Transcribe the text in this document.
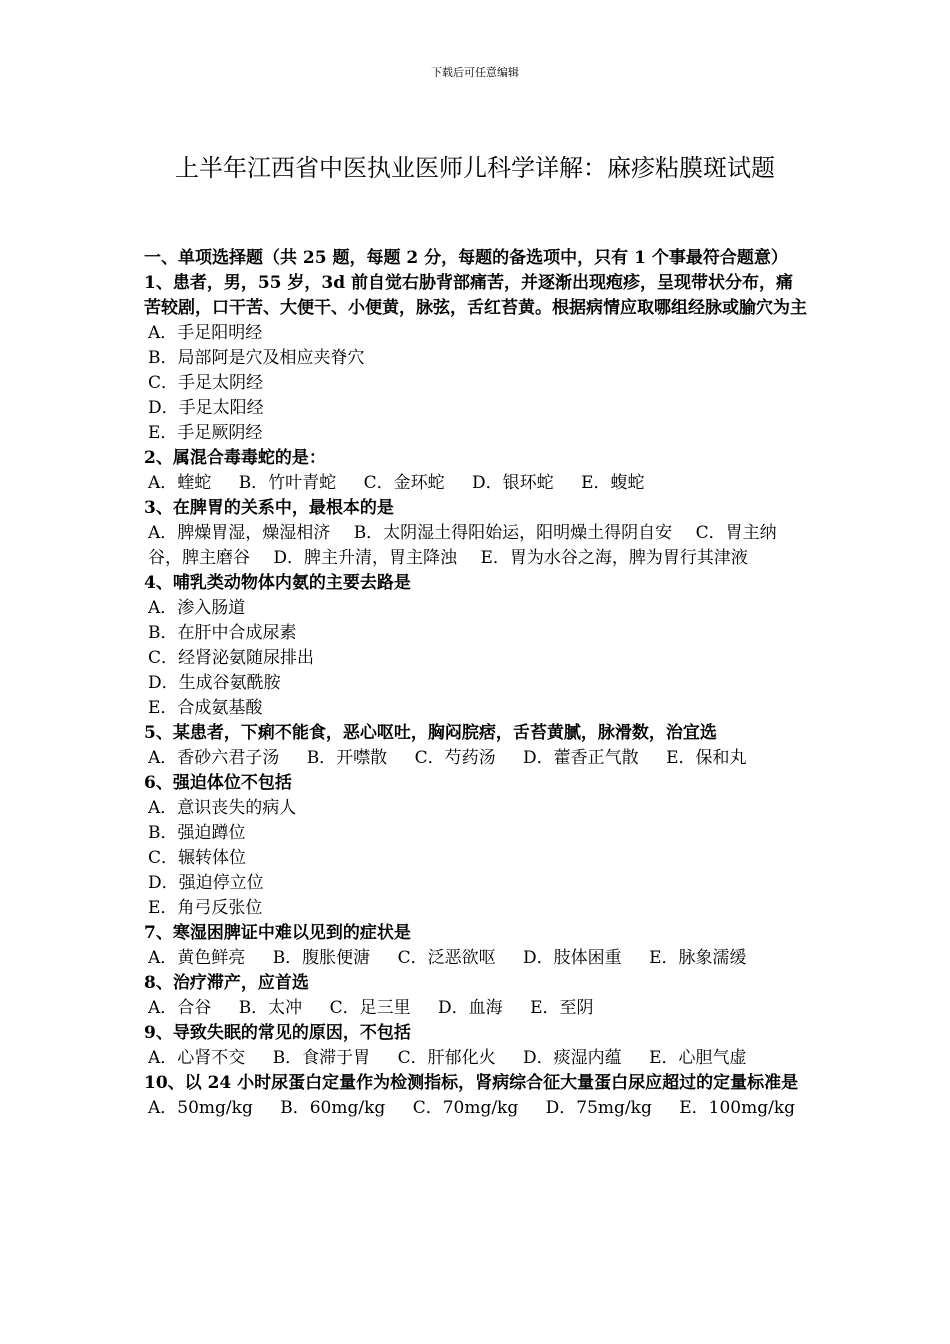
下载后可任意编辑
上半年江西省中医执业医师儿科学详解：麻疹粘膜斑试题

一、单项选择题（共 25 题，每题 2 分，每题的备选项中，只有 1 个事最符合题意）

1、患者，男，55 岁，3d 前自觉右胁背部痛苦，并逐渐出现疱疹，呈现带状分布，痛苦较剧，口干苦、大便干、小便黄，脉弦，舌红苔黄。根据病情应取哪组经脉或腧穴为主

A．手足阳明经

B．局部阿是穴及相应夹脊穴

C．手足太阴经

D．手足太阳经

E．手足厥阴经

2、属混合毒毒蛇的是：

A．蝰蛇 B．竹叶青蛇 C．金环蛇 D．银环蛇 E．蝮蛇

3、在脾胃的关系中，最根本的是

A．脾燥胃湿，燥湿相济 B．太阴湿土得阳始运，阳明燥土得阴自安 C．胃主纳谷，脾主磨谷 D．脾主升清，胃主降浊 E．胃为水谷之海，脾为胃行其津液

4、哺乳类动物体内氨的主要去路是

A．渗入肠道

B．在肝中合成尿素

C．经肾泌氨随尿排出

D．生成谷氨酰胺

E．合成氨基酸

5、某患者，下痢不能食，恶心呕吐，胸闷脘痞，舌苔黄腻，脉滑数，治宜选

A．香砂六君子汤 B．开噤散 C．芍药汤 D．藿香正气散 E．保和丸

6、强迫体位不包括

A．意识丧失的病人

B．强迫蹲位

C．辗转体位

D．强迫停立位

E．角弓反张位

7、寒湿困脾证中难以见到的症状是

A．黄色鲜亮 B．腹胀便溏 C．泛恶欲呕 D．肢体困重 E．脉象濡缓

8、治疗滞产，应首选

A．合谷 B．太冲 C．足三里 D．血海 E．至阴

9、导致失眠的常见的原因，不包括

A．心肾不交 B．食滞于胃 C．肝郁化火 D．痰湿内蕴 E．心胆气虚

10、以 24 小时尿蛋白定量作为检测指标，肾病综合征大量蛋白尿应超过的定量标准是

A．50mg/kg B．60mg/kg C．70mg/kg D．75mg/kg E．100mg/kg
